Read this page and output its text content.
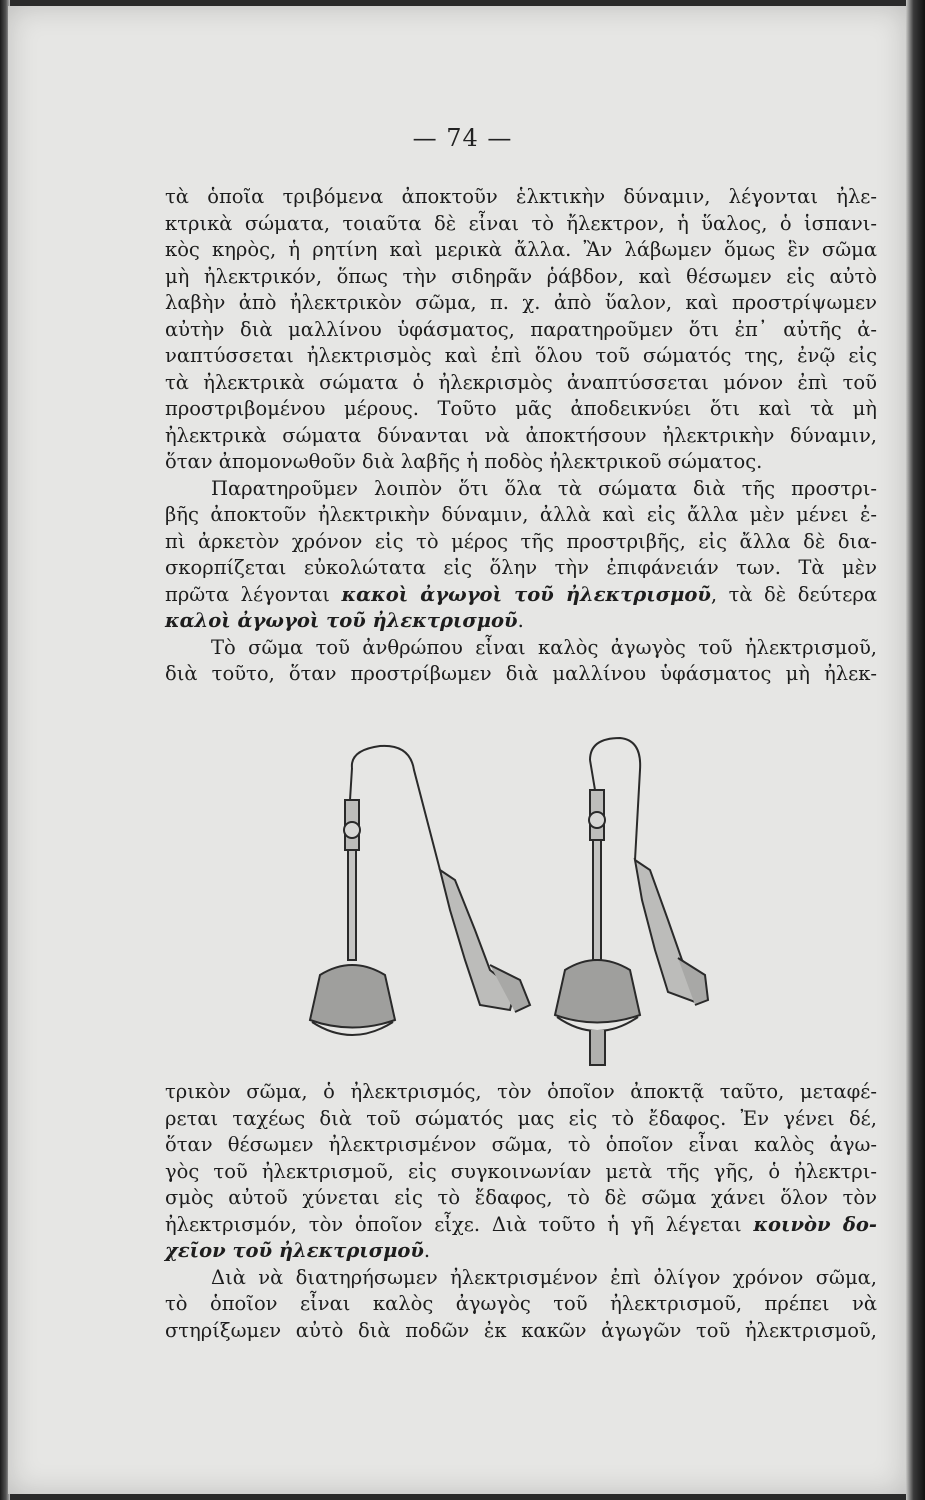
— 74 —
τὰ ὁποῖα τριβόμενα ἀποκτοῦν ἑλκτικὴν δύναμιν, λέγονται ἠλε-
κτρικὰ σώματα, τοιαῦτα δὲ εἶναι τὸ ἤλεκτρον, ἡ ὕαλος, ὁ ἱσπανι-
κὸς κηρὸς, ἡ ρητίνη καὶ μερικὰ ἄλλα. Ἂν λάβωμεν ὅμως ἓν σῶμα
μὴ ἠλεκτρικόν, ὅπως τὴν σιδηρᾶν ῥάβδον, καὶ θέσωμεν εἰς αὐτὸ
λαβὴν ἀπὸ ἠλεκτρικὸν σῶμα, π. χ. ἀπὸ ὕαλον, καὶ προστρίψωμεν
αὐτὴν διὰ μαλλίνου ὑφάσματος, παρατηροῦμεν ὅτι ἐπ᾽ αὐτῆς ἀ-
ναπτύσσεται ἠλεκτρισμὸς καὶ ἐπὶ ὅλου τοῦ σώματός της, ἐνῷ εἰς
τὰ ἠλεκτρικὰ σώματα ὁ ἠλεκρισμὸς ἀναπτύσσεται μόνον ἐπὶ τοῦ
προστριβομένου μέρους. Τοῦτο μᾶς ἀποδεικνύει ὅτι καὶ τὰ μὴ
ἠλεκτρικὰ σώματα δύνανται νὰ ἀποκτήσουν ἠλεκτρικὴν δύναμιν,
ὅταν ἀπομονωθοῦν διὰ λαβῆς ἡ ποδὸς ἠλεκτρικοῦ σώματος.
Παρατηροῦμεν λοιπὸν ὅτι ὅλα τὰ σώματα διὰ τῆς προστρι-
βῆς ἀποκτοῦν ἠλεκτρικὴν δύναμιν, ἀλλὰ καὶ εἰς ἄλλα μὲν μένει ἐ-
πὶ ἀρκετὸν χρόνον εἰς τὸ μέρος τῆς προστριβῆς, εἰς ἄλλα δὲ δια-
σκορπίζεται εὐκολώτατα εἰς ὅλην τὴν ἐπιφάνειάν των. Τὰ μὲν
πρῶτα λέγονται κακοὶ ἀγωγοὶ τοῦ ἠλεκτρισμοῦ, τὰ δὲ δεύτερα
καλοὶ ἀγωγοὶ τοῦ ἠλεκτρισμοῦ.
Τὸ σῶμα τοῦ ἀνθρώπου εἶναι καλὸς ἀγωγὸς τοῦ ἠλεκτρισμοῦ,
διὰ τοῦτο, ὅταν προστρίβωμεν διὰ μαλλίνου ὑφάσματος μὴ ἠλεκ-
τρικὸν σῶμα, ὁ ἠλεκτρισμός, τὸν ὁποῖον ἀποκτᾷ ταῦτο, μεταφέ-
ρεται ταχέως διὰ τοῦ σώματός μας εἰς τὸ ἔδαφος. Ἐν γένει δέ,
ὅταν θέσωμεν ἠλεκτρισμένον σῶμα, τὸ ὁποῖον εἶναι καλὸς ἀγω-
γὸς τοῦ ἠλεκτρισμοῦ, εἰς συγκοινωνίαν μετὰ τῆς γῆς, ὁ ἠλεκτρι-
σμὸς αὐτοῦ χύνεται εἰς τὸ ἔδαφος, τὸ δὲ σῶμα χάνει ὅλον τὸν
ἠλεκτρισμόν, τὸν ὁποῖον εἶχε. Διὰ τοῦτο ἡ γῆ λέγεται κοινὸν δο-
χεῖον τοῦ ἠλεκτρισμοῦ.
Διὰ νὰ διατηρήσωμεν ἠλεκτρισμένον ἐπὶ ὀλίγον χρόνον σῶμα,
τὸ ὁποῖον εἶναι καλὸς ἀγωγὸς τοῦ ἠλεκτρισμοῦ, πρέπει νὰ
στηρίξωμεν αὐτὸ διὰ ποδῶν ἐκ κακῶν ἀγωγῶν τοῦ ἠλεκτρισμοῦ,
